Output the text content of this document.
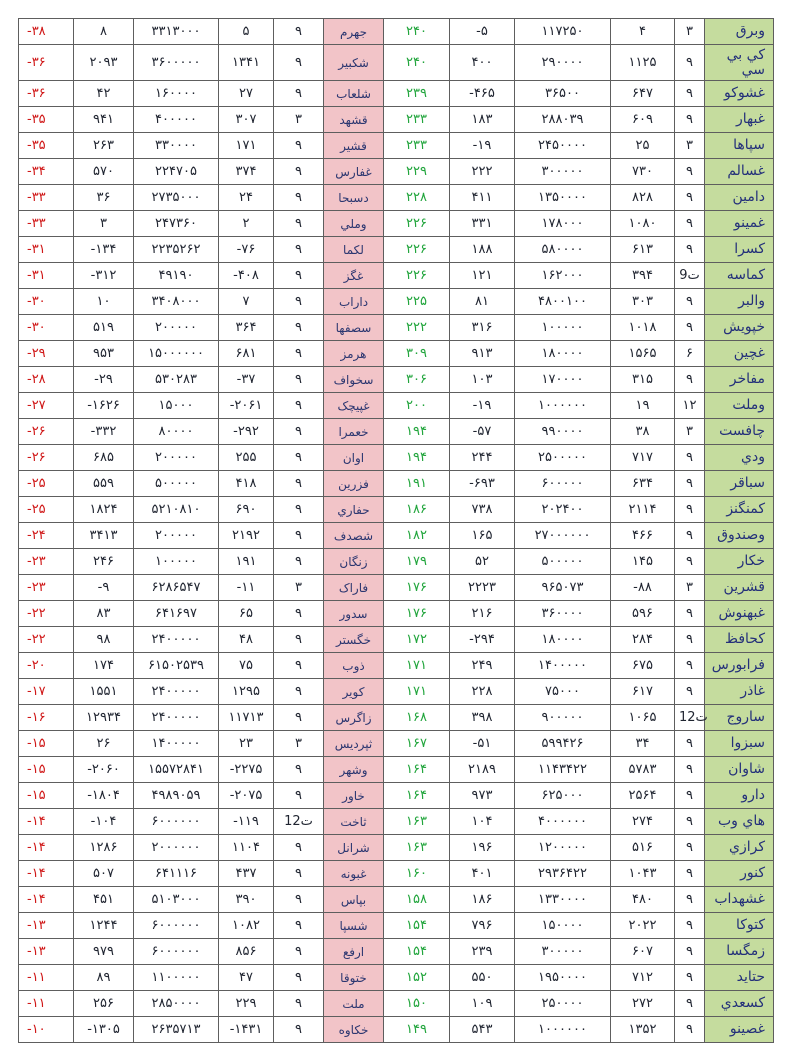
-۳۸	۸	۳۳۱۳۰۰۰	۵	۹	جهرم	۲۴۰	-۵	۱۱۷۲۵۰	۴	۳	وبرق
-۳۶	۲۰۹۳	۳۶۰۰۰۰۰	۱۳۴۱	۹	شکبیر	۲۴۰	۴۰۰	۲۹۰۰۰۰	۱۱۲۵	۹	کي بي سي
-۳۶	۴۲	۱۶۰۰۰۰	۲۷	۹	شلعاب	۲۳۹	-۴۶۵	۳۶۵۰۰	۶۴۷	۹	غشوکو
-۳۵	۹۴۱	۴۰۰۰۰۰	۳۰۷	۳	قشهد	۲۳۳	۱۸۳	۲۸۸۰۳۹	۶۰۹	۹	غبهار
-۳۵	۲۶۳	۳۳۰۰۰۰	۱۷۱	۹	قشیر	۲۳۳	-۱۹	۲۴۵۰۰۰۰	۲۵	۳	سپاها
-۳۴	۵۷۰	۲۲۴۷۰۵	۳۷۴	۹	غفارس	۲۲۹	۲۲۲	۳۰۰۰۰۰	۷۳۰	۹	غسالم
-۳۳	۳۶	۲۷۳۵۰۰۰	۲۴	۹	دسبحا	۲۲۸	۴۱۱	۱۳۵۰۰۰۰	۸۲۸	۹	دامین
-۳۳	۳	۲۴۷۳۶۰	۲	۹	وملي	۲۲۶	۳۳۱	۱۷۸۰۰۰	۱۰۸۰	۹	غمینو
-۳۱	-۱۳۴	۲۲۳۵۲۶۲	-۷۶	۹	لکما	۲۲۶	۱۸۸	۵۸۰۰۰۰	۶۱۳	۹	کسرا
-۳۱	-۳۱۲	۴۹۱۹۰	-۴۰۸	۹	غگز	۲۲۶	۱۲۱	۱۶۲۰۰۰	۳۹۴	9ت	کماسه
-۳۰	۱۰	۳۴۰۸۰۰۰	۷	۹	داراب	۲۲۵	۸۱	۴۸۰۰۱۰۰	۳۰۳	۹	والبر
-۳۰	۵۱۹	۲۰۰۰۰۰	۳۶۴	۹	سصفها	۲۲۲	۳۱۶	۱۰۰۰۰۰	۱۰۱۸	۹	خپویش
-۲۹	۹۵۳	۱۵۰۰۰۰۰۰	۶۸۱	۹	هرمز	۳۰۹	۹۱۳	۱۸۰۰۰۰	۱۵۶۵	۶	غچین
-۲۸	-۲۹	۵۳۰۲۸۳	-۳۷	۹	سخواف	۳۰۶	۱۰۳	۱۷۰۰۰۰	۳۱۵	۹	مفاخر
-۲۷	-۱۶۲۶	۱۵۰۰۰	-۲۰۶۱	۹	غپیچک	۲۰۰	-۱۹	۱۰۰۰۰۰۰	۱۹	۱۲	وملت
-۲۶	-۳۳۲	۸۰۰۰۰	-۲۹۲	۹	خعمرا	۱۹۴	-۵۷	۹۹۰۰۰۰	۳۸	۳	چافست
-۲۶	۶۸۵	۲۰۰۰۰۰	۲۵۵	۹	اوان	۱۹۴	۲۴۴	۲۵۰۰۰۰۰	۷۱۷	۹	ودي
-۲۵	۵۵۹	۵۰۰۰۰۰	۴۱۸	۹	فزرین	۱۹۱	-۶۹۳	۶۰۰۰۰۰	۶۳۴	۹	سباقر
-۲۵	۱۸۲۴	۵۲۱۰۸۱۰	۶۹۰	۹	حفاري	۱۸۶	۷۳۸	۲۰۲۴۰۰	۲۱۱۴	۹	کمنگنز
-۲۴	۳۴۱۳	۲۰۰۰۰۰	۲۱۹۲	۹	شصدف	۱۸۲	۱۶۵	۲۷۰۰۰۰۰۰	۴۶۶	۹	وصندوق
-۲۳	۲۴۶	۱۰۰۰۰۰	۱۹۱	۹	زنگان	۱۷۹	۵۲	۵۰۰۰۰۰	۱۴۵	۹	خکار
-۲۳	-۹	۶۲۸۶۵۴۷	-۱۱	۳	فاراک	۱۷۶	۲۲۲۳	۹۶۵۰۷۳	-۸۸	۳	قشرین
-۲۲	۸۳	۶۴۱۶۹۷	۶۵	۹	سدور	۱۷۶	۲۱۶	۳۶۰۰۰۰	۵۹۶	۹	غبهنوش
-۲۲	۹۸	۲۴۰۰۰۰۰	۴۸	۹	خگستر	۱۷۲	-۲۹۴	۱۸۰۰۰۰	۲۸۴	۹	کحافظ
-۲۰	۱۷۴	۶۱۵۰۲۵۳۹	۷۵	۹	ذوب	۱۷۱	۲۴۹	۱۴۰۰۰۰۰	۶۷۵	۹	فرابورس
-۱۷	۱۵۵۱	۲۴۰۰۰۰۰	۱۲۹۵	۹	کویر	۱۷۱	۲۲۸	۷۵۰۰۰	۶۱۷	۹	غاذر
-۱۶	۱۲۹۳۴	۲۴۰۰۰۰۰	۱۱۷۱۳	۹	زاگرس	۱۶۸	۳۹۸	۹۰۰۰۰۰	۱۰۶۵	12ت	ساروج
-۱۵	۲۶	۱۴۰۰۰۰۰	۲۳	۳	ثپردیس	۱۶۷	-۵۱	۵۹۹۴۲۶	۳۴	۹	سبزوا
-۱۵	-۲۰۶۰	۱۵۵۷۲۸۴۱	-۲۲۷۵	۹	وشهر	۱۶۴	۲۱۸۹	۱۱۴۳۴۲۲	۵۷۸۳	۹	شاوان
-۱۵	-۱۸۰۴	۴۹۸۹۰۵۹	-۲۰۷۵	۹	خاور	۱۶۴	۹۷۳	۶۲۵۰۰۰	۲۵۶۴	۹	دارو
-۱۴	-۱۰۴	۶۰۰۰۰۰۰	-۱۱۹	12ت	ثاخت	۱۶۳	۱۰۴	۴۰۰۰۰۰۰	۲۷۴	۹	هاي وب
-۱۴	۱۲۸۶	۲۰۰۰۰۰۰	۱۱۰۴	۹	شرانل	۱۶۳	۱۹۶	۱۲۰۰۰۰۰	۵۱۶	۹	کرازي
-۱۴	۵۰۷	۶۴۱۱۱۶	۴۳۷	۹	غبونه	۱۶۰	۴۰۱	۲۹۳۶۴۲۲	۱۰۴۳	۹	کنور
-۱۴	۴۵۱	۵۱۰۳۰۰۰	۳۹۰	۹	بپاس	۱۵۸	۱۸۶	۱۳۳۰۰۰۰	۴۸۰	۹	غشهداب
-۱۳	۱۲۴۴	۶۰۰۰۰۰۰	۱۰۸۲	۹	شسپا	۱۵۴	۷۹۶	۱۵۰۰۰۰	۲۰۲۲	۹	کتوکا
-۱۳	۹۷۹	۶۰۰۰۰۰۰	۸۵۶	۹	ارفع	۱۵۴	۲۳۹	۳۰۰۰۰۰	۶۰۷	۹	زمگسا
-۱۱	۸۹	۱۱۰۰۰۰۰	۴۷	۹	ختوقا	۱۵۲	۵۵۰	۱۹۵۰۰۰۰	۷۱۲	۹	حتاید
-۱۱	۲۵۶	۲۸۵۰۰۰۰	۲۲۹	۹	ملت	۱۵۰	۱۰۹	۲۵۰۰۰۰	۲۷۲	۹	کسعدي
-۱۰	-۱۳۰۵	۲۶۳۵۷۱۳	-۱۴۳۱	۹	خکاوه	۱۴۹	۵۴۳	۱۰۰۰۰۰۰	۱۳۵۲	۹	غصینو
